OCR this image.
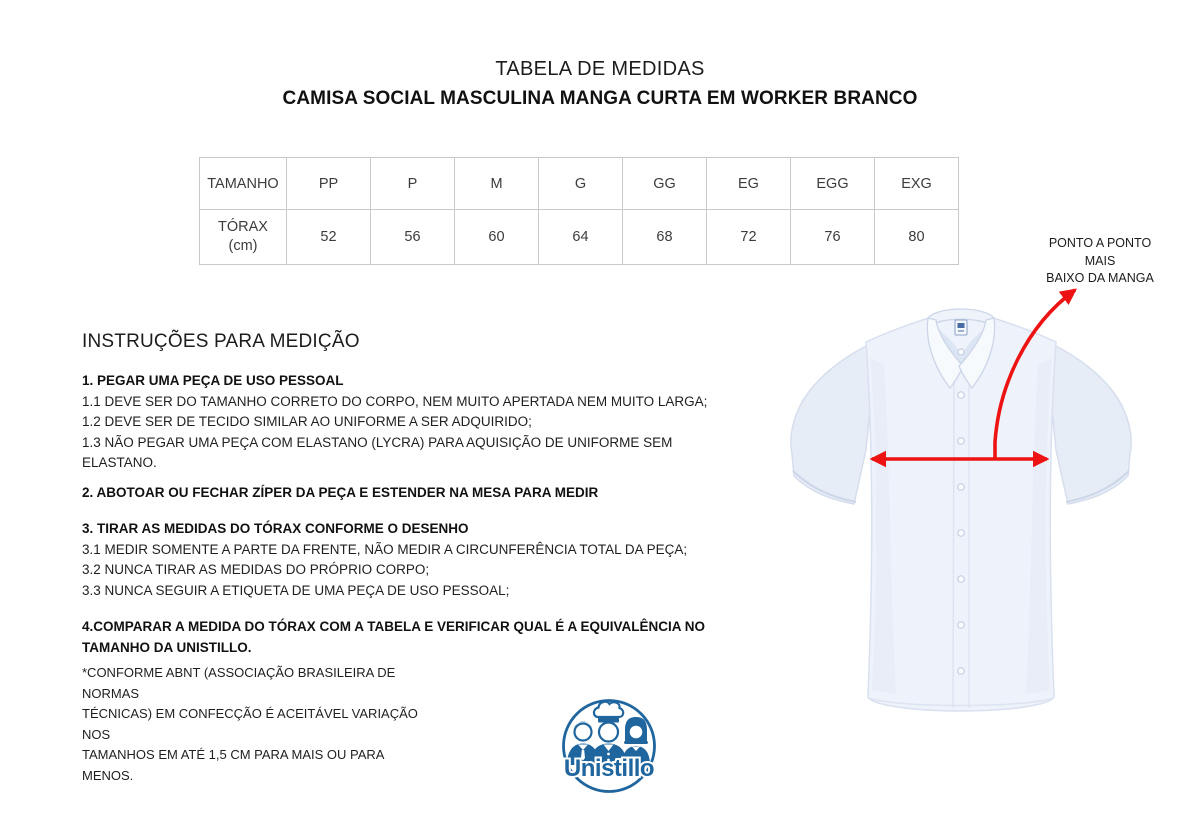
TABELA DE MEDIDAS
CAMISA SOCIAL MASCULINA MANGA CURTA EM WORKER BRANCO
TAMANHO	PP	P	M	G	GG	EG	EGG	EXG

TÓRAX
(cm)	52	56	60	64	68	72	76	80	PONTO A PONTO MAIS
BAIXO DA MANGA
INSTRUÇÕES PARA MEDIÇÃO
1. PEGAR UMA PEÇA DE USO PESSOAL
1.1 DEVE SER DO TAMANHO CORRETO DO CORPO, NEM MUITO APERTADA NEM MUITO LARGA;
1.2 DEVE SER DE TECIDO SIMILAR AO UNIFORME A SER ADQUIRIDO;
1.3 NÃO PEGAR UMA PEÇA COM ELASTANO (LYCRA) PARA AQUISIÇÃO DE UNIFORME SEM ELASTANO.
2. ABOTOAR OU FECHAR ZÍPER DA PEÇA E ESTENDER NA MESA PARA MEDIR
3. TIRAR AS MEDIDAS DO TÓRAX CONFORME O DESENHO
3.1 MEDIR SOMENTE A PARTE DA FRENTE, NÃO MEDIR A CIRCUNFERÊNCIA TOTAL DA PEÇA;
3.2 NUNCA TIRAR AS MEDIDAS DO PRÓPRIO CORPO;
3.3 NUNCA SEGUIR A ETIQUETA DE UMA PEÇA DE USO PESSOAL;
4.COMPARAR A MEDIDA DO TÓRAX COM A TABELA E VERIFICAR QUAL É A EQUIVALÊNCIA NO TAMANHO DA UNISTILLO.
*CONFORME ABNT (ASSOCIAÇÃO BRASILEIRA DE NORMAS
TÉCNICAS) EM CONFECÇÃO É ACEITÁVEL VARIAÇÃO NOS
TAMANHOS EM ATÉ 1,5 CM PARA MAIS OU PARA MENOS.	Unistillo
